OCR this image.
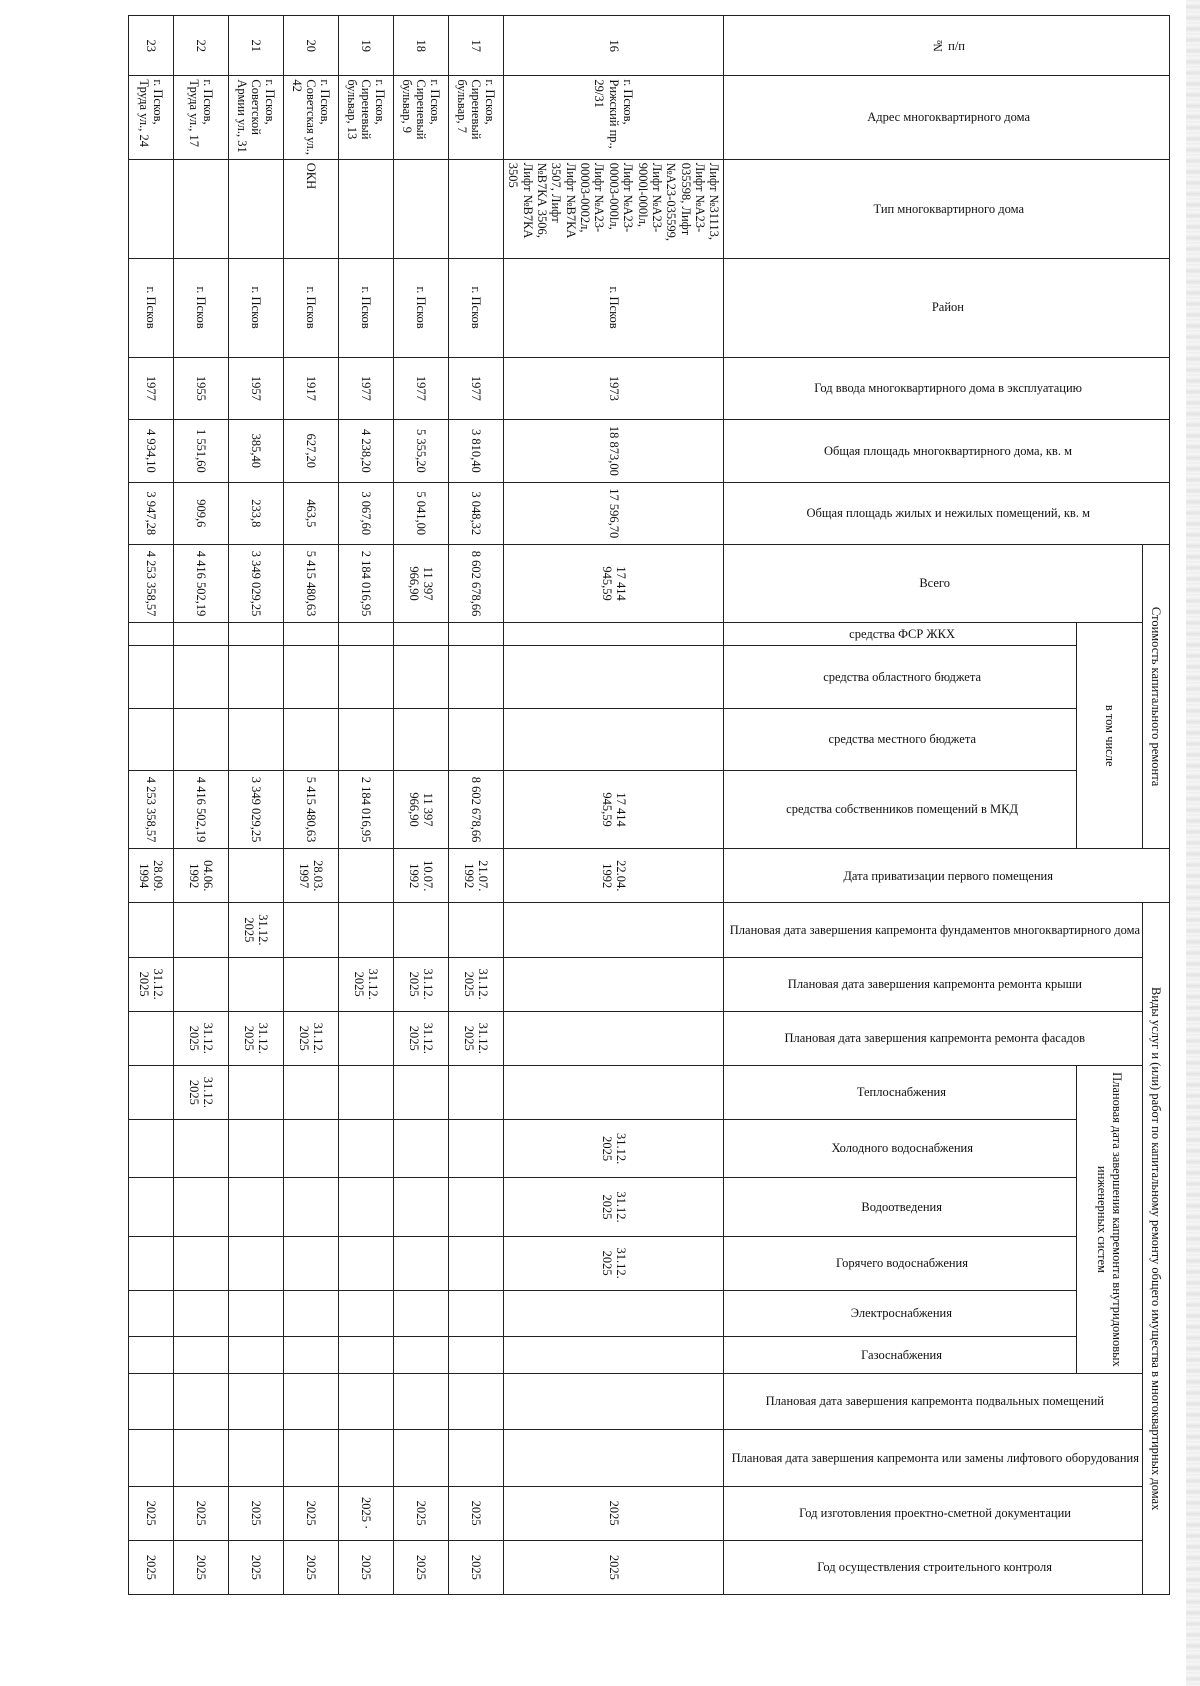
№ п/п	Адрес многоквартирного дома	Тип многоквартирного дома	Район	Год ввода многоквартирного дома в эксплуатацию	Общая площадь многоквартирного дома, кв. м	Общая площадь жилых и нежилых помещений, кв. м	Стоимость капитального ремонта					Дата приватизации первого помещения	Виды услуг и (или) работ по капитальному ремонту общего имущества в многоквартирных домах												
							Всего	в том числе					Плановая дата завершения капремонта фундаментов многоквартирного дома	Плановая дата завершения капремонта ремонта крыши	Плановая дата завершения капремонта ремонта фасадов	Плановая дата завершения капремонта внутридомовых инженерных систем						Плановая дата завершения капремонта подвальных помещений	Плановая дата завершения капремонта или замены лифтового оборудования	Год изготовления проектно-сметной документации	Год осуществления строительного контроля
								средства ФСР ЖКХ	средства областного бюджета	средства местного бюджета	средства собственников помещений в МКД					Теплоснабжения	Холодного водоснабжения	Водоотведения	Горячего водоснабжения	Электроснабжения	Газоснабжения				
16	г. Псков, Рижский пр., 29/31	Лифт №31113, Лифт №А23-035598, Лифт №А23-035599, Лифт №А23-9000l-000lл, Лифт №А23-00003-000lл, Лифт №А23-00003-0002л, Лифт №В7КА 3507, Лифт №В7КА 3506, Лифт №В7КА 3505	г. Псков	1973	18 873,00	17 596,70	17 414 945,59				17 414 945,59	22.04. 1992					31.12. 2025	31.12. 2025	31.12. 2025					2025	2025
17	г. Псков, Сиреневый бульвар, 7		г. Псков	1977	3 810,40	3 048,32	8 602 678,66				8 602 678,66	21.07. 1992		31.12. 2025	31.12. 2025									2025	2025
18	г. Псков, Сиреневый бульвар, 9		г. Псков	1977	5 355,20	5 041,00	11 397 966,90				11 397 966,90	10.07. 1992		31.12. 2025	31.12. 2025									2025	2025
19	г. Псков, Сиреневый бульвар, 13		г. Псков	1977	4 238,20	3 067,60	2 184 016,95				2 184 016,95			31.12. 2025										2025 ·	2025
20	г. Псков, Советская ул., 42	ОКН	г. Псков	1917	627,20	463,5	5 415 480,63				5 415 480,63	28.03. 1997			31.12. 2025									2025	2025
21	г. Псков, Советской Армии ул., 31		г. Псков	1957	385,40	233,8	3 349 029,25				3 349 029,25		31.12. 2025		31.12. 2025									2025	2025
22	г. Псков, Труда ул., 17		г. Псков	1955	1 551,60	909,6	4 416 502,19				4 416 502,19	04.06. 1992			31.12. 2025	31.12. 2025								2025	2025
23	г. Псков, Труда ул., 24		г. Псков	1977	4 934,10	3 947,28	4 253 358,57				4 253 358,57	28.09. 1994		31.12. 2025										2025	2025
